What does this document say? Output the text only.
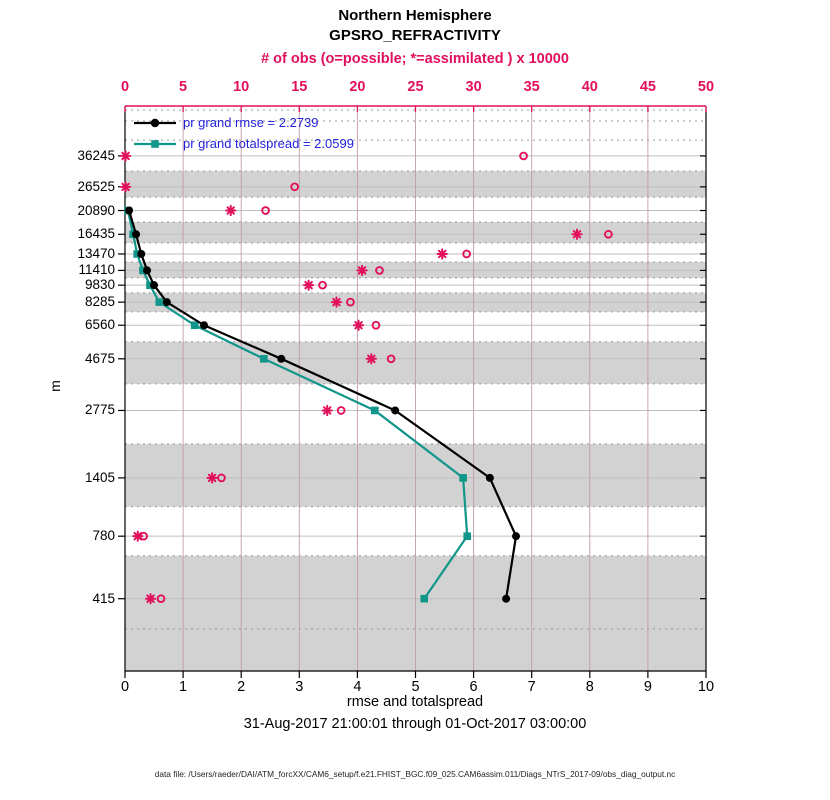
Northern Hemisphere
GPSRO_REFRACTIVITY
# of obs (o=possible; *=assimilated ) x 10000
0	5	10	15	20	25	30	35	40	45	50
36245
26525
20890
16435
13470
11410
9830
8285
6560
4675
2775
1405
780
415
0	1	2	3	4	5	6	7	8	9	10
m
rmse and totalspread
31-Aug-2017 21:00:01 through 01-Oct-2017 03:00:00
data file: /Users/raeder/DAI/ATM_forcXX/CAM6_setup/f.e21.FHIST_BGC.f09_025.CAM6assim.011/Diags_NTrS_2017-09/obs_diag_output.nc
pr grand rmse = 2.2739
pr grand totalspread = 2.0599
